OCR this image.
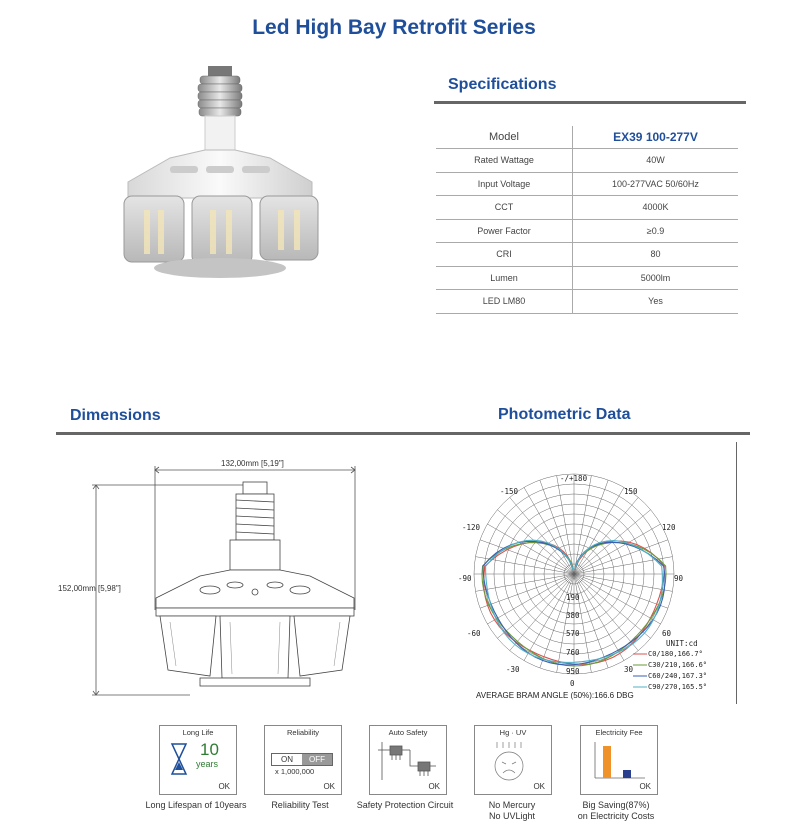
Led High Bay Retrofit Series
Specifications
Model	EX39 100-277V
Rated Wattage	40W
Input Voltage	100-277VAC 50/60Hz
CCT	4000K
Power Factor	≥0.9
CRI	80
Lumen	5000lm
LED LM80	Yes
Dimensions	Photometric Data
132,00mm [5,19"]
152,00mm [5,98"]
-/+180
-150	150
-120	120
-90	90
-60	60
-30	30
0
190
380
570
760
950
UNIT:cd
C0/180,166.7°
C30/210,166.6°
C60/240,167.3°
C90/270,165.5°
AVERAGE BRAM ANGLE (50%):166.6 DBG
Long Life
10
years
OK
Reliability
ON	OFF
x 1,000,000
OK
Auto Safety
OK
Hg · UV
OK
Electricity Fee
OK
Long Lifespan of 10years	Reliability Test	Safety Protection Circuit	No Mercury
No UVLight
Big Saving(87%)
on Electricity Costs
